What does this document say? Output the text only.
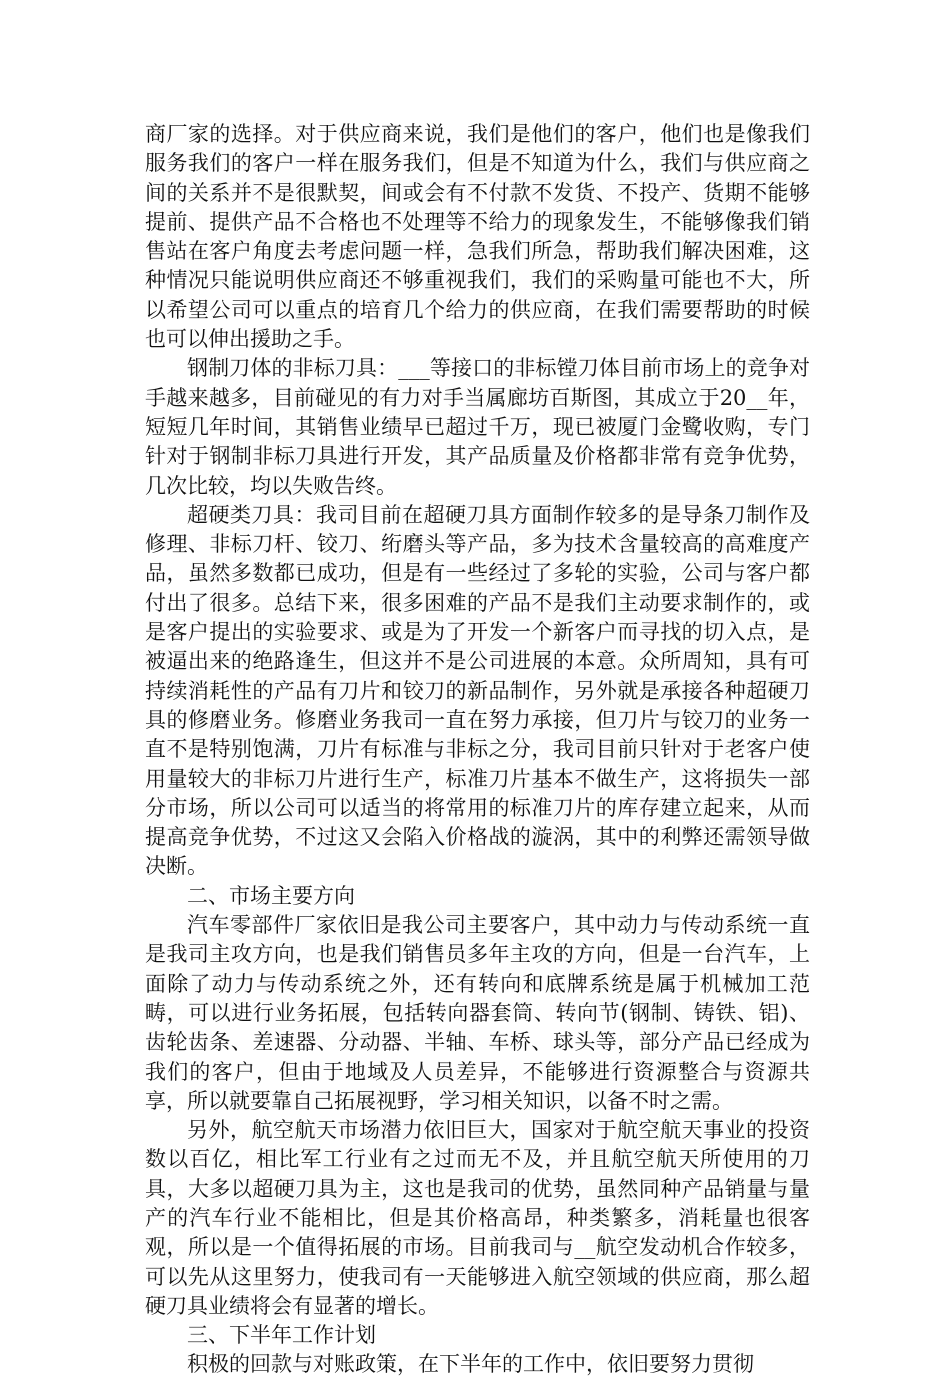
商厂家的选择。对于供应商来说，我们是他们的客户，他们也是像我们服务我们的客户一样在服务我们，但是不知道为什么，我们与供应商之间的关系并不是很默契，间或会有不付款不发货、不投产、货期不能够提前、提供产品不合格也不处理等不给力的现象发生，不能够像我们销售站在客户角度去考虑问题一样，急我们所急，帮助我们解决困难，这种情况只能说明供应商还不够重视我们，我们的采购量可能也不大，所以希望公司可以重点的培育几个给力的供应商，在我们需要帮助的时候也可以伸出援助之手。

钢制刀体的非标刀具：___等接口的非标镗刀体目前市场上的竞争对手越来越多，目前碰见的有力对手当属廊坊百斯图，其成立于20__年，短短几年时间，其销售业绩早已超过千万，现已被厦门金鹭收购，专门针对于钢制非标刀具进行开发，其产品质量及价格都非常有竞争优势，几次比较，均以失败告终。

超硬类刀具：我司目前在超硬刀具方面制作较多的是导条刀制作及修理、非标刀杆、铰刀、绗磨头等产品，多为技术含量较高的高难度产品，虽然多数都已成功，但是有一些经过了多轮的实验，公司与客户都付出了很多。总结下来，很多困难的产品不是我们主动要求制作的，或是客户提出的实验要求、或是为了开发一个新客户而寻找的切入点，是被逼出来的绝路逢生，但这并不是公司进展的本意。众所周知，具有可持续消耗性的产品有刀片和铰刀的新品制作，另外就是承接各种超硬刀具的修磨业务。修磨业务我司一直在努力承接，但刀片与铰刀的业务一直不是特别饱满，刀片有标准与非标之分，我司目前只针对于老客户使用量较大的非标刀片进行生产，标准刀片基本不做生产，这将损失一部分市场，所以公司可以适当的将常用的标准刀片的库存建立起来，从而提高竞争优势，不过这又会陷入价格战的漩涡，其中的利弊还需领导做决断。

二、市场主要方向

汽车零部件厂家依旧是我公司主要客户，其中动力与传动系统一直是我司主攻方向，也是我们销售员多年主攻的方向，但是一台汽车，上面除了动力与传动系统之外，还有转向和底牌系统是属于机械加工范畴，可以进行业务拓展，包括转向器套筒、转向节(钢制、铸铁、铝)、齿轮齿条、差速器、分动器、半轴、车桥、球头等，部分产品已经成为我们的客户，但由于地域及人员差异，不能够进行资源整合与资源共享，所以就要靠自己拓展视野，学习相关知识，以备不时之需。

另外，航空航天市场潜力依旧巨大，国家对于航空航天事业的投资数以百亿，相比军工行业有之过而无不及，并且航空航天所使用的刀具，大多以超硬刀具为主，这也是我司的优势，虽然同种产品销量与量产的汽车行业不能相比，但是其价格高昂，种类繁多，消耗量也很客观，所以是一个值得拓展的市场。目前我司与__航空发动机合作较多，可以先从这里努力，使我司有一天能够进入航空领域的供应商，那么超硬刀具业绩将会有显著的增长。

三、下半年工作计划

积极的回款与对账政策，在下半年的工作中，依旧要努力贯彻
